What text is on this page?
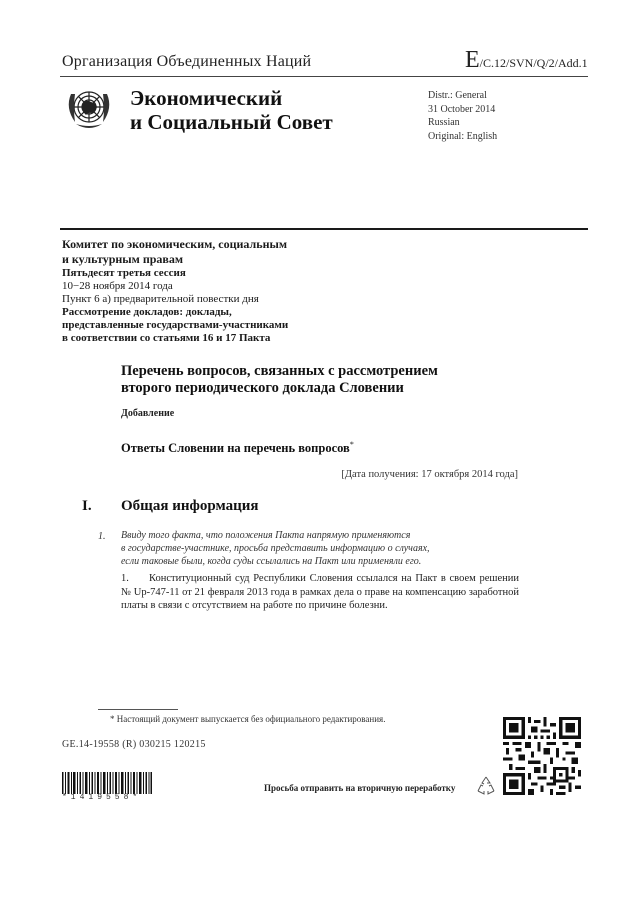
Организация Объединенных Наций	E/C.12/SVN/Q/2/Add.1
Экономический
и Социальный Совет
Distr.: General
31 October 2014
Russian
Original: English
Комитет по экономическим, социальным
и культурным правам
Пятьдесят третья сессия
10−28 ноября 2014 года
Пункт 6 а) предварительной повестки дня
Рассмотрение докладов: доклады,
представленные государствами-участниками
в соответствии со статьями 16 и 17 Пакта
Перечень вопросов, связанных с рассмотрением
второго периодического доклада Словении
Добавление
Ответы Словении на перечень вопросов*
[Дата получения: 17 октября 2014 года]
I. Общая информация
1. Ввиду того факта, что положения Пакта напрямую применяются
в государстве-участнике, просьба представить информацию о случаях,
если таковые были, когда суды ссылались на Пакт или применяли его.
1. Конституционный суд Республики Словения ссылался на Пакт в своем решении № Up-747-11 от 21 февраля 2013 года в рамках дела о праве на компенсацию заработной платы в связи с отсутствием на работе по причине болезни.
* Настоящий документ выпускается без официального редактирования.
GE.14-19558 (R) 030215 120215
*1419558*
Просьба отправить на вторичную переработку
